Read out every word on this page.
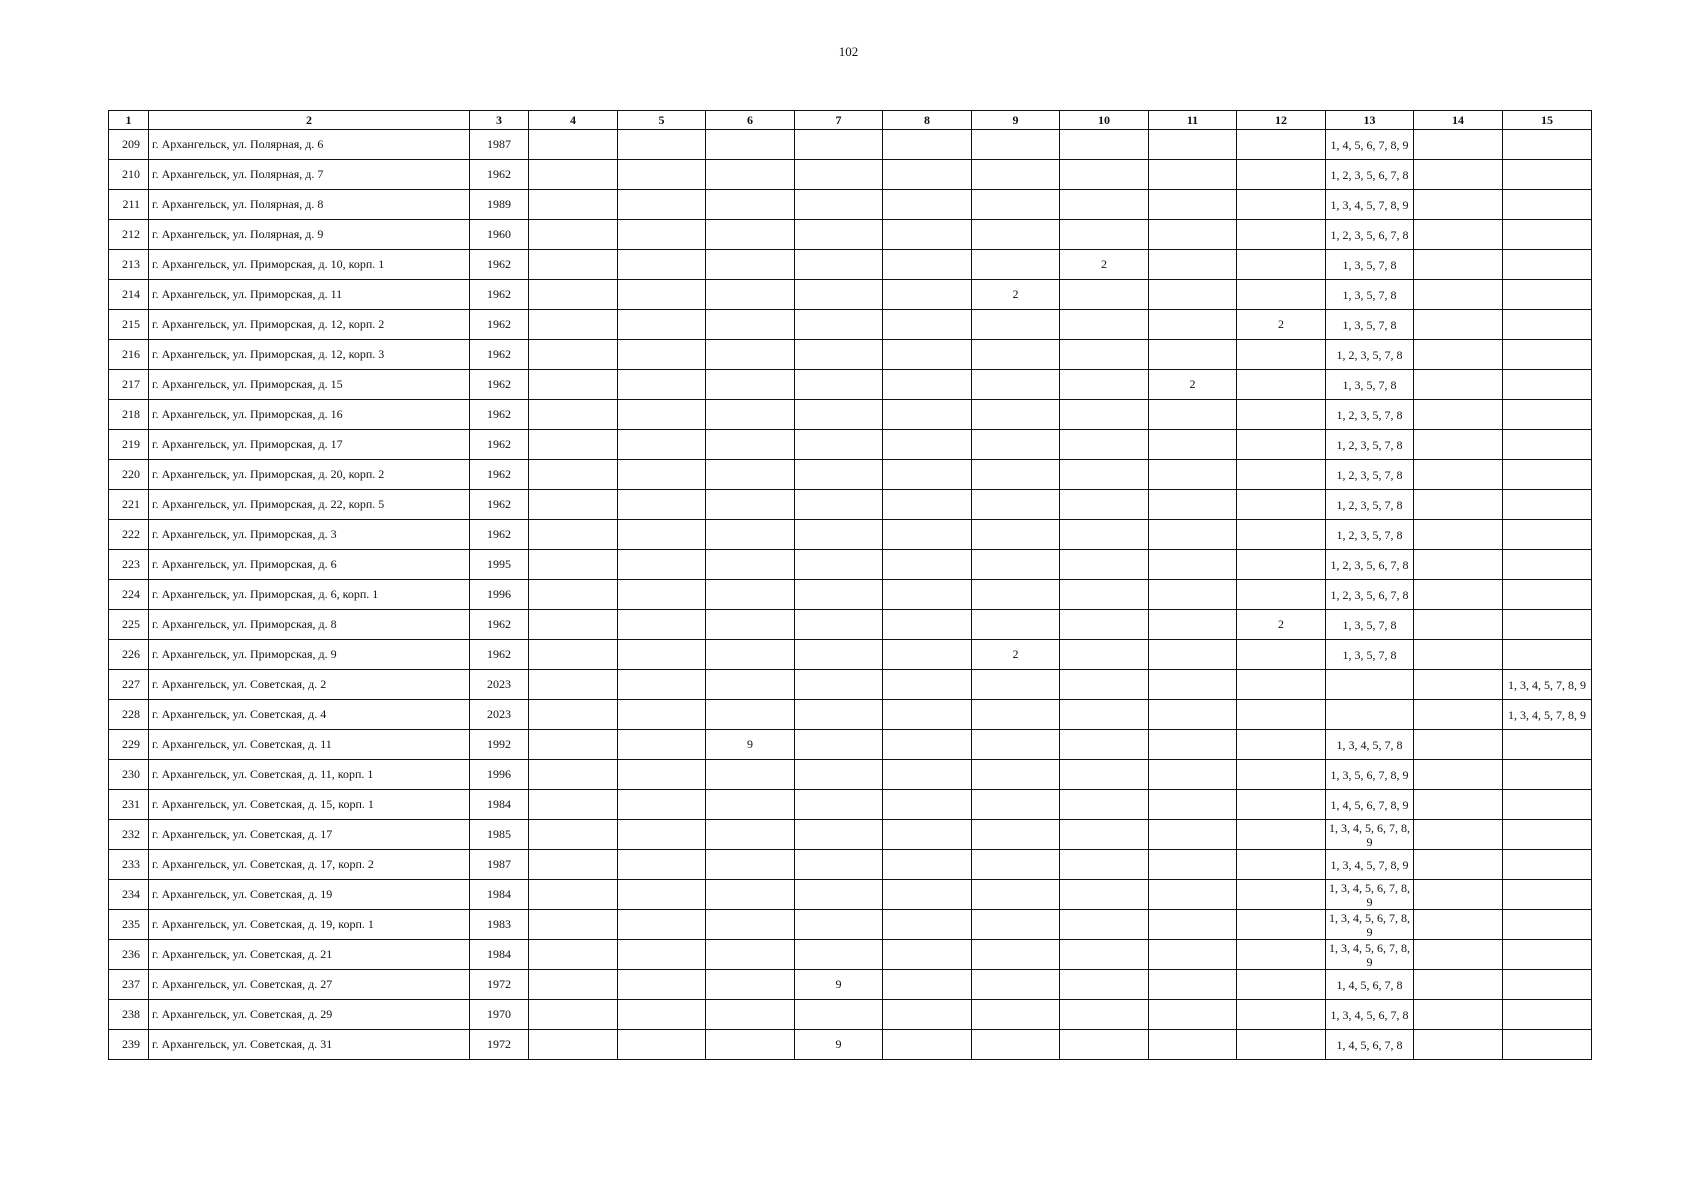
102
1	2	3	4	5	6	7	8	9	10	11	12	13	14	15
209	г. Архангельск, ул. Полярная, д. 6	1987										1, 4, 5, 6, 7, 8, 9		
210	г. Архангельск, ул. Полярная, д. 7	1962										1, 2, 3, 5, 6, 7, 8		
211	г. Архангельск, ул. Полярная, д. 8	1989										1, 3, 4, 5, 7, 8, 9		
212	г. Архангельск, ул. Полярная, д. 9	1960										1, 2, 3, 5, 6, 7, 8		
213	г. Архангельск, ул. Приморская, д. 10, корп. 1	1962							2			1, 3, 5, 7, 8		
214	г. Архангельск, ул. Приморская, д. 11	1962						2				1, 3, 5, 7, 8		
215	г. Архангельск, ул. Приморская, д. 12, корп. 2	1962									2	1, 3, 5, 7, 8		
216	г. Архангельск, ул. Приморская, д. 12, корп. 3	1962										1, 2, 3, 5, 7, 8		
217	г. Архангельск, ул. Приморская, д. 15	1962								2		1, 3, 5, 7, 8		
218	г. Архангельск, ул. Приморская, д. 16	1962										1, 2, 3, 5, 7, 8		
219	г. Архангельск, ул. Приморская, д. 17	1962										1, 2, 3, 5, 7, 8		
220	г. Архангельск, ул. Приморская, д. 20, корп. 2	1962										1, 2, 3, 5, 7, 8		
221	г. Архангельск, ул. Приморская, д. 22, корп. 5	1962										1, 2, 3, 5, 7, 8		
222	г. Архангельск, ул. Приморская, д. 3	1962										1, 2, 3, 5, 7, 8		
223	г. Архангельск, ул. Приморская, д. 6	1995										1, 2, 3, 5, 6, 7, 8		
224	г. Архангельск, ул. Приморская, д. 6, корп. 1	1996										1, 2, 3, 5, 6, 7, 8		
225	г. Архангельск, ул. Приморская, д. 8	1962									2	1, 3, 5, 7, 8		
226	г. Архангельск, ул. Приморская, д. 9	1962						2				1, 3, 5, 7, 8		
227	г. Архангельск, ул. Советская, д. 2	2023												1, 3, 4, 5, 7, 8, 9
228	г. Архангельск, ул. Советская, д. 4	2023												1, 3, 4, 5, 7, 8, 9
229	г. Архангельск, ул. Советская, д. 11	1992			9							1, 3, 4, 5, 7, 8		
230	г. Архангельск, ул. Советская, д. 11, корп. 1	1996										1, 3, 5, 6, 7, 8, 9		
231	г. Архангельск, ул. Советская, д. 15, корп. 1	1984										1, 4, 5, 6, 7, 8, 9		
232	г. Архангельск, ул. Советская, д. 17	1985										1, 3, 4, 5, 6, 7, 8, 9		
233	г. Архангельск, ул. Советская, д. 17, корп. 2	1987										1, 3, 4, 5, 7, 8, 9		
234	г. Архангельск, ул. Советская, д. 19	1984										1, 3, 4, 5, 6, 7, 8, 9		
235	г. Архангельск, ул. Советская, д. 19, корп. 1	1983										1, 3, 4, 5, 6, 7, 8, 9		
236	г. Архангельск, ул. Советская, д. 21	1984										1, 3, 4, 5, 6, 7, 8, 9		
237	г. Архангельск, ул. Советская, д. 27	1972				9						1, 4, 5, 6, 7, 8		
238	г. Архангельск, ул. Советская, д. 29	1970										1, 3, 4, 5, 6, 7, 8		
239	г. Архангельск, ул. Советская, д. 31	1972				9						1, 4, 5, 6, 7, 8		
